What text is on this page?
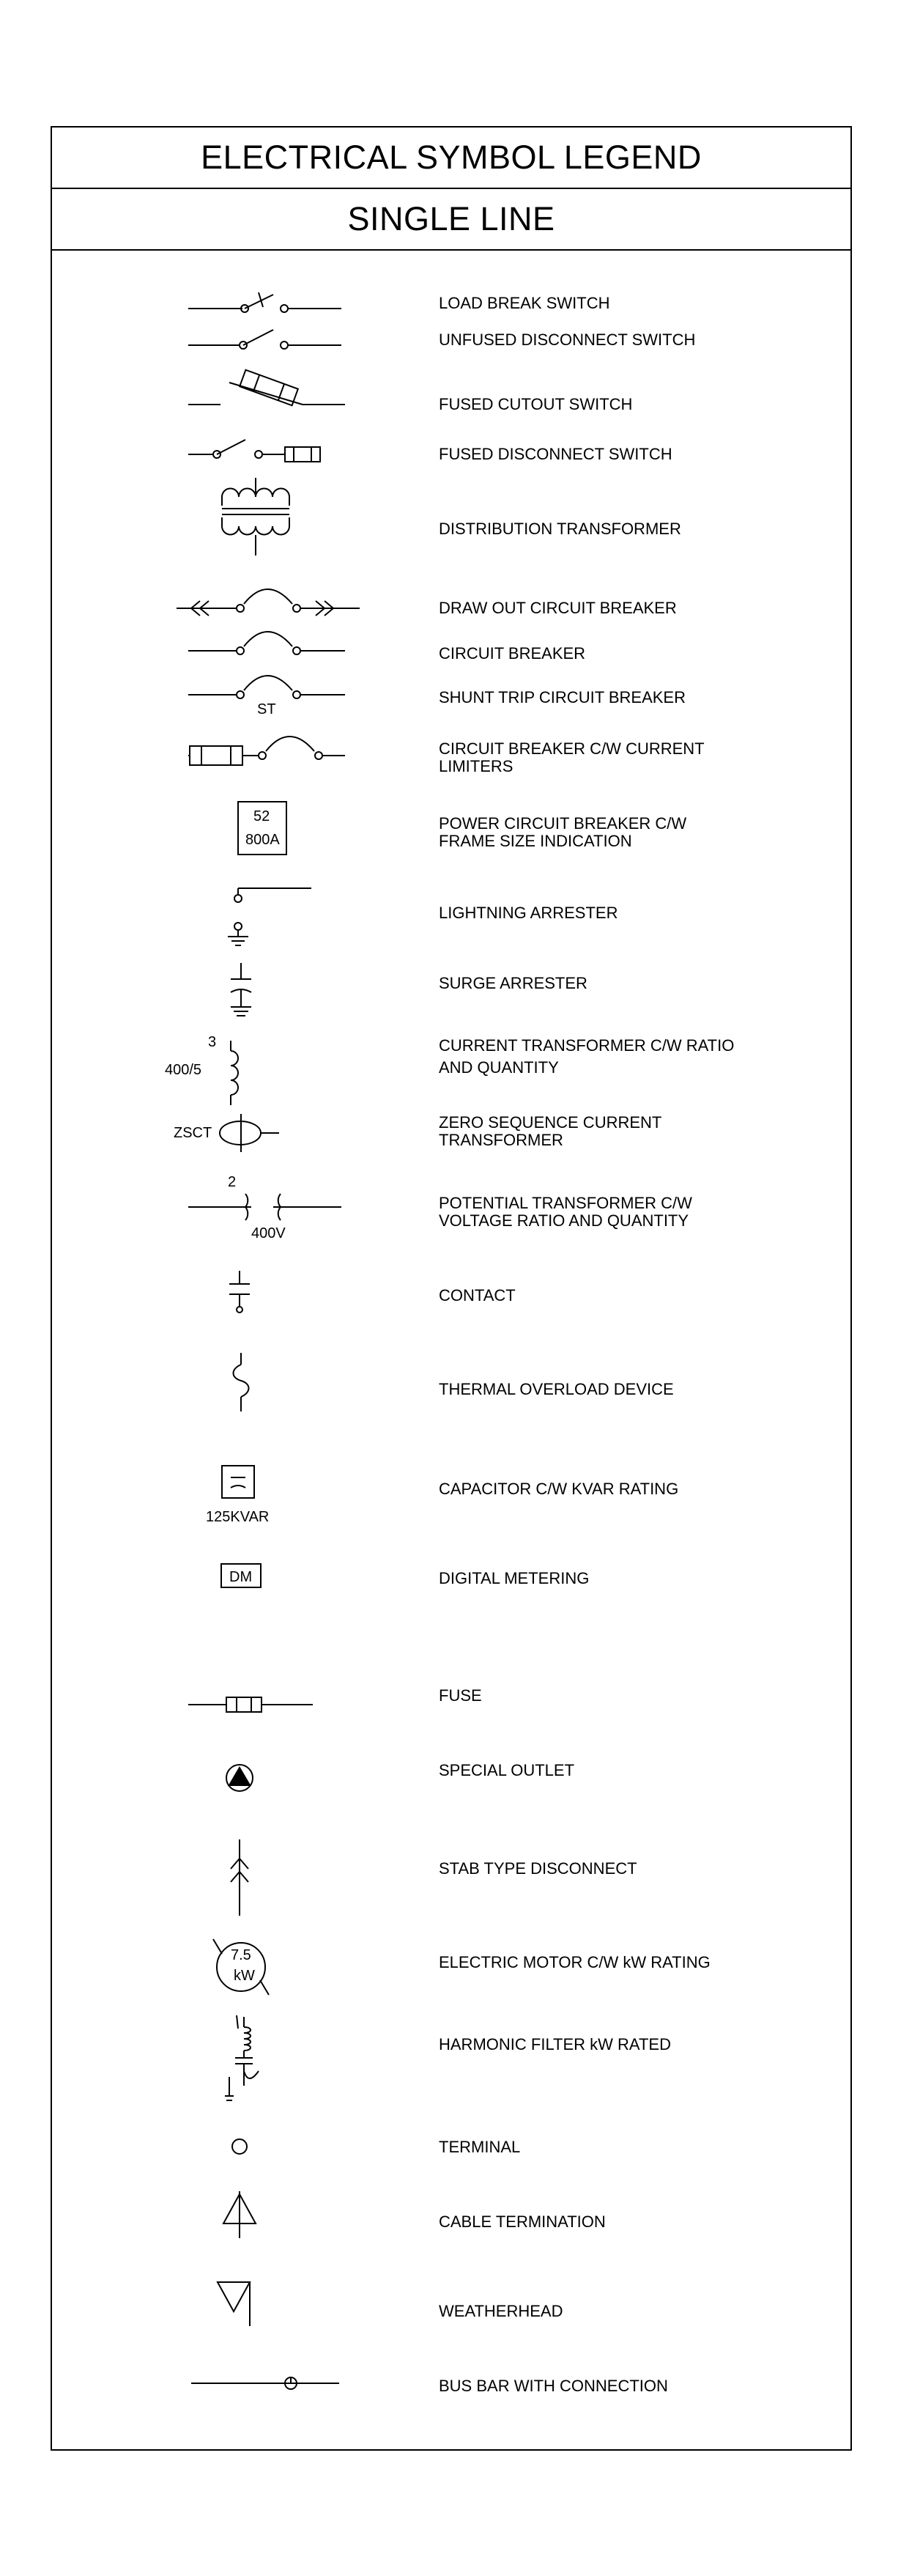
ELECTRICAL SYMBOL LEGEND
SINGLE LINE
ST
52
800A
3
400/5
ZSCT
2
400V
125KVAR
DM
7.5
kW
LOAD BREAK SWITCH
UNFUSED DISCONNECT SWITCH
FUSED CUTOUT SWITCH
FUSED DISCONNECT SWITCH
DISTRIBUTION TRANSFORMER
DRAW OUT CIRCUIT BREAKER
CIRCUIT BREAKER
SHUNT TRIP CIRCUIT BREAKER
CIRCUIT BREAKER C/W CURRENT
LIMITERS
POWER CIRCUIT BREAKER C/W
FRAME SIZE INDICATION
LIGHTNING ARRESTER
SURGE ARRESTER
CURRENT TRANSFORMER C/W RATIO
AND QUANTITY
ZERO SEQUENCE CURRENT
TRANSFORMER
POTENTIAL TRANSFORMER C/W
VOLTAGE RATIO AND QUANTITY
CONTACT
THERMAL OVERLOAD DEVICE
CAPACITOR C/W KVAR RATING
DIGITAL METERING
FUSE
SPECIAL OUTLET
STAB TYPE DISCONNECT
ELECTRIC MOTOR C/W kW RATING
HARMONIC FILTER kW RATED
TERMINAL
CABLE TERMINATION
WEATHERHEAD
BUS BAR WITH CONNECTION
